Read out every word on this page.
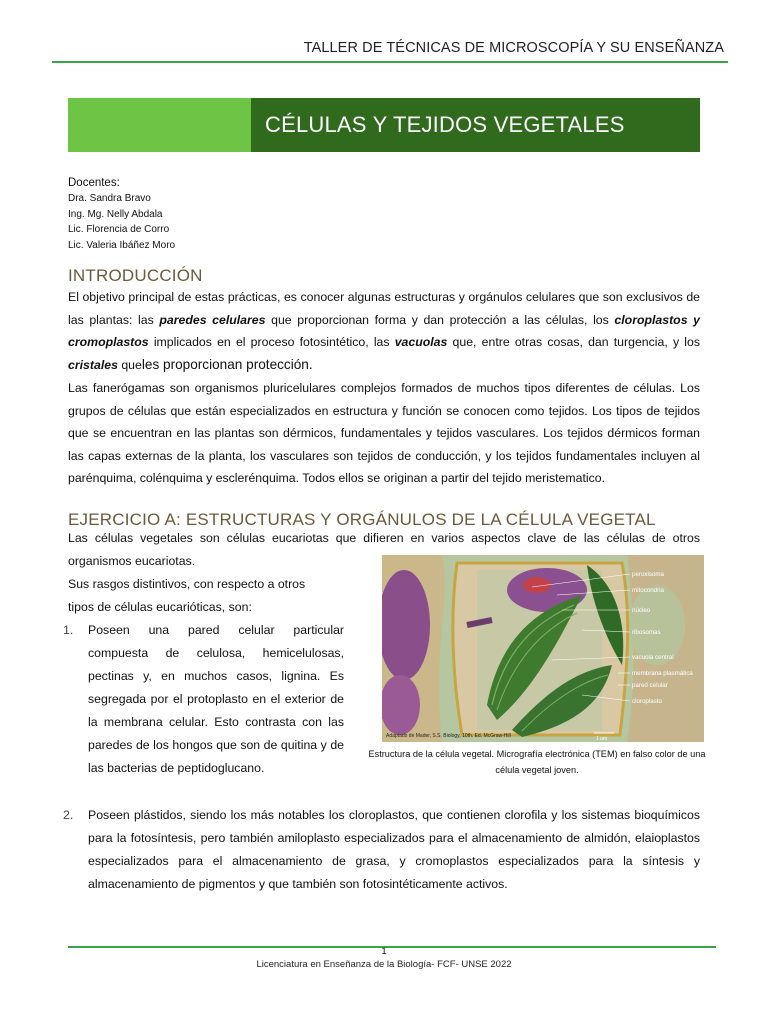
TALLER DE TÉCNICAS DE MICROSCOPÍA Y SU ENSEÑANZA
CÉLULAS Y TEJIDOS VEGETALES
Docentes:
Dra. Sandra Bravo
Ing. Mg. Nelly Abdala
Lic. Florencia de Corro
Lic. Valeria Ibáñez Moro
INTRODUCCIÓN
El objetivo principal de estas prácticas, es conocer algunas estructuras y orgánulos celulares que son exclusivos de las plantas: las paredes celulares que proporcionan forma y dan protección a las células, los cloroplastos y cromoplastos implicados en el proceso fotosintético, las vacuolas que, entre otras cosas, dan turgencia, y los cristales queles proporcionan protección.
Las fanerógamas son organismos pluricelulares complejos formados de muchos tipos diferentes de células. Los grupos de células que están especializados en estructura y función se conocen como tejidos. Los tipos de tejidos que se encuentran en las plantas son dérmicos, fundamentales y tejidos vasculares. Los tejidos dérmicos forman las capas externas de la planta, los vasculares son tejidos de conducción, y los tejidos fundamentales incluyen al parénquima, colénquima y esclerénquima. Todos ellos se originan a partir del tejido meristematico.
EJERCICIO A: ESTRUCTURAS Y ORGÁNULOS DE LA CÉLULA VEGETAL
Las células vegetales son células eucariotas que difieren en varios aspectos clave de las células de otros organismos eucariotas.
Sus rasgos distintivos, con respecto a otros tipos de células eucarióticas, son:
peroxisoma
mitocondria
núcleo
ribosomas
vacuola central
membrana plasmática
pared celular
cloroplasto
Adaptado de Mader, S.S. Biology, 10th. Ed. McGraw-Hill	1 um
Estructura de la célula vegetal. Micrografía electrónica (TEM) en falso color de una célula vegetal joven.
1. Poseen una pared celular particular compuesta de celulosa, hemicelulosas, pectinas y, en muchos casos, lignina. Es segregada por el protoplasto en el exterior de la membrana celular. Esto contrasta con las paredes de los hongos que son de quitina y de las bacterias de peptidoglucano.
2. Poseen plástidos, siendo los más notables los cloroplastos, que contienen clorofila y los sistemas bioquímicos para la fotosíntesis, pero también amiloplasto especializados para el almacenamiento de almidón, elaioplastos especializados para el almacenamiento de grasa, y cromoplastos especializados para la síntesis y almacenamiento de pigmentos y que también son fotosintéticamente activos.
1
Licenciatura en Enseñanza de la Biología- FCF- UNSE 2022
